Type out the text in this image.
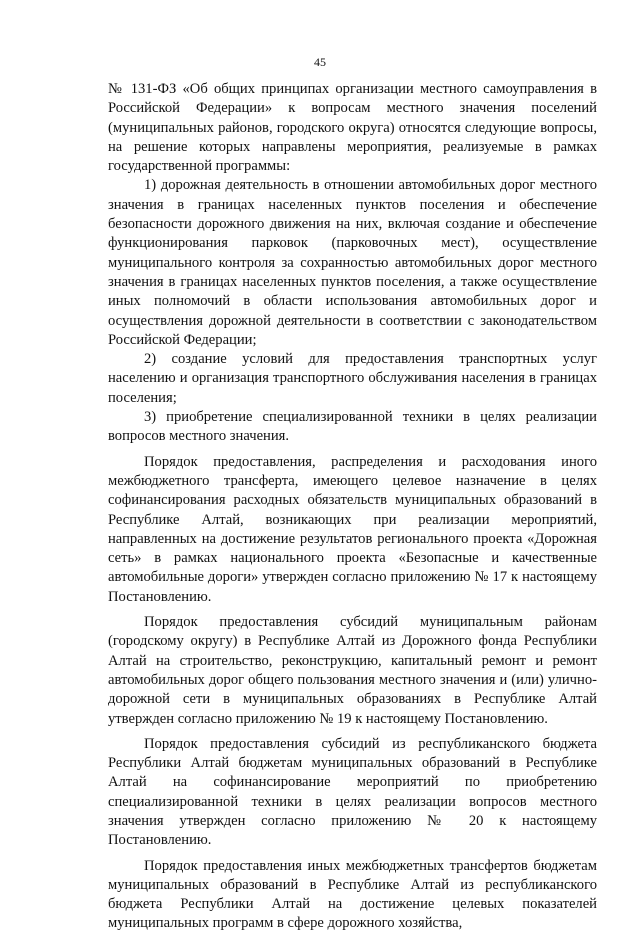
45

№ 131-ФЗ «Об общих принципах организации местного самоуправления в Российской Федерации» к вопросам местного значения поселений (муниципальных районов, городского округа) относятся следующие вопросы, на решение которых направлены мероприятия, реализуемые в рамках государственной программы:

1) дорожная деятельность в отношении автомобильных дорог местного значения в границах населенных пунктов поселения и обеспечение безопасности дорожного движения на них, включая создание и обеспечение функционирования парковок (парковочных мест), осуществление муниципального контроля за сохранностью автомобильных дорог местного значения в границах населенных пунктов поселения, а также осуществление иных полномочий в области использования автомобильных дорог и осуществления дорожной деятельности в соответствии с законодательством Российской Федерации;

2) создание условий для предоставления транспортных услуг населению и организация транспортного обслуживания населения в границах поселения;

3) приобретение специализированной техники в целях реализации вопросов местного значения.

Порядок предоставления, распределения и расходования иного межбюджетного трансферта, имеющего целевое назначение в целях софинансирования расходных обязательств муниципальных образований в Республике Алтай, возникающих при реализации мероприятий, направленных на достижение результатов регионального проекта «Дорожная сеть» в рамках национального проекта «Безопасные и качественные автомобильные дороги» утвержден согласно приложению № 17 к настоящему Постановлению.

Порядок предоставления субсидий муниципальным районам (городскому округу) в Республике Алтай из Дорожного фонда Республики Алтай на строительство, реконструкцию, капитальный ремонт и ремонт автомобильных дорог общего пользования местного значения и (или) улично-дорожной сети в муниципальных образованиях в Республике Алтай утвержден согласно приложению № 19 к настоящему Постановлению.

Порядок предоставления субсидий из республиканского бюджета Республики Алтай бюджетам муниципальных образований в Республике Алтай на софинансирование мероприятий по приобретению специализированной техники в целях реализации вопросов местного значения утвержден согласно приложению № 20 к настоящему Постановлению.

Порядок предоставления иных межбюджетных трансфертов бюджетам муниципальных образований в Республике Алтай из республиканского бюджета Республики Алтай на достижение целевых показателей муниципальных программ в сфере дорожного хозяйства,
